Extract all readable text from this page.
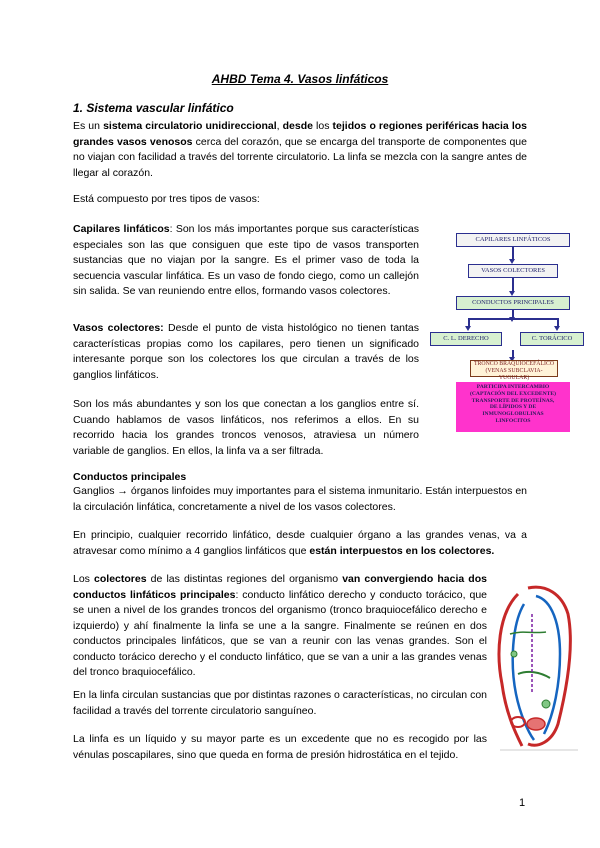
AHBD Tema 4. Vasos linfáticos
1. Sistema vascular linfático
Es un sistema circulatorio unidireccional, desde los tejidos o regiones periféricas hacia los grandes vasos venosos cerca del corazón, que se encarga del transporte de componentes que no viajan con facilidad a través del torrente circulatorio. La linfa se mezcla con la sangre antes de llegar al corazón.
Está compuesto por tres tipos de vasos:
Capilares linfáticos: Son los más importantes porque sus características especiales son las que consiguen que este tipo de vasos transporten sustancias que no viajan por la sangre. Es el primer vaso de toda la secuencia vascular linfática. Es un vaso de fondo ciego, como un callejón sin salida. Se van reuniendo entre ellos, formando vasos colectores.
Vasos colectores: Desde el punto de vista histológico no tienen tantas características propias como los capilares, pero tienen un significado interesante porque son los colectores los que circulan a través de los ganglios linfáticos.
Son los más abundantes y son los que conectan a los ganglios entre sí. Cuando hablamos de vasos linfáticos, nos referimos a ellos. En su recorrido hacia los grandes troncos venosos, atraviesa un número variable de ganglios. En ellos, la linfa va a ser filtrada.
Conductos principales
Ganglios → órganos linfoides muy importantes para el sistema inmunitario. Están interpuestos en la circulación linfática, concretamente a nivel de los vasos colectores.
En principio, cualquier recorrido linfático, desde cualquier órgano a las grandes venas, va a atravesar como mínimo a 4 ganglios linfáticos que están interpuestos en los colectores.
Los colectores de las distintas regiones del organismo van convergiendo hacia dos conductos linfáticos principales: conducto linfático derecho y conducto torácico, que se unen a nivel de los grandes troncos del organismo (tronco braquiocefálico derecho e izquierdo) y ahí finalmente la linfa se une a la sangre. Finalmente se reúnen en dos conductos principales linfáticos, que se van a reunir con las venas grandes. Son el conducto torácico derecho y el conducto linfático, que se van a unir a las grandes venas del tronco braquiocefálico.
En la linfa circulan sustancias que por distintas razones o características, no circulan con facilidad a través del torrente circulatorio sanguíneo.
La linfa es un líquido y su mayor parte es un excedente que no es recogido por las vénulas poscapilares, sino que queda en forma de presión hidrostática en el tejido.
1
CAPILARES LINFÁTICOS
VASOS COLECTORES
CONDUCTOS PRINCIPALES
C. L. DERECHO	C. TORÁCICO
TRONCO BRAQUIOCEFÁLICO
(VENAS SUBCLAVIA-YUGULAR)
PARTICIPA INTERCAMBIO
(CAPTACIÓN DEL EXCEDENTE)
TRANSPORTE DE PROTEÍNAS,
DE LÍPIDOS Y DE
INMUNOGLOBULINAS
LINFOCITOS
